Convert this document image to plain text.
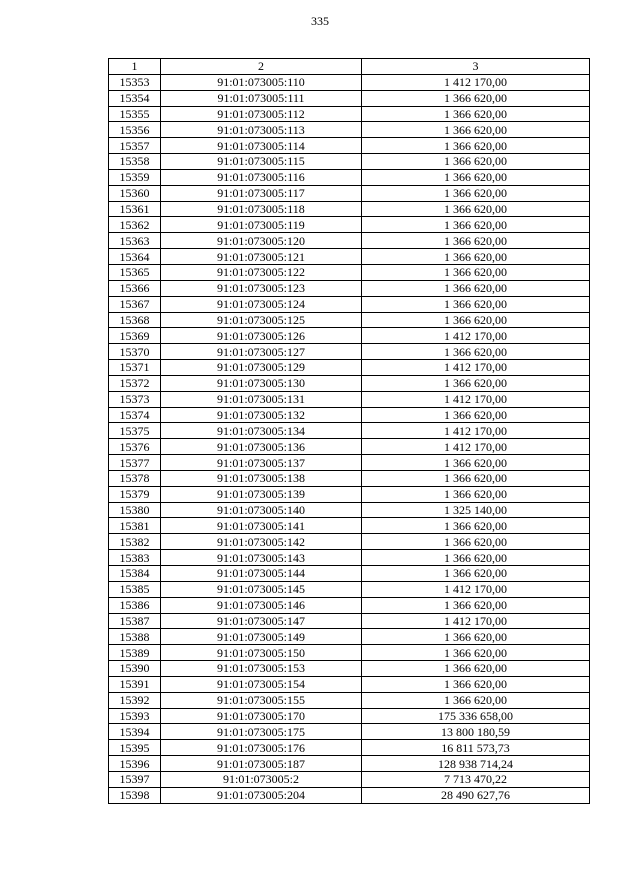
335
1	2	3
15353	91:01:073005:110	1 412 170,00
15354	91:01:073005:111	1 366 620,00
15355	91:01:073005:112	1 366 620,00
15356	91:01:073005:113	1 366 620,00
15357	91:01:073005:114	1 366 620,00
15358	91:01:073005:115	1 366 620,00
15359	91:01:073005:116	1 366 620,00
15360	91:01:073005:117	1 366 620,00
15361	91:01:073005:118	1 366 620,00
15362	91:01:073005:119	1 366 620,00
15363	91:01:073005:120	1 366 620,00
15364	91:01:073005:121	1 366 620,00
15365	91:01:073005:122	1 366 620,00
15366	91:01:073005:123	1 366 620,00
15367	91:01:073005:124	1 366 620,00
15368	91:01:073005:125	1 366 620,00
15369	91:01:073005:126	1 412 170,00
15370	91:01:073005:127	1 366 620,00
15371	91:01:073005:129	1 412 170,00
15372	91:01:073005:130	1 366 620,00
15373	91:01:073005:131	1 412 170,00
15374	91:01:073005:132	1 366 620,00
15375	91:01:073005:134	1 412 170,00
15376	91:01:073005:136	1 412 170,00
15377	91:01:073005:137	1 366 620,00
15378	91:01:073005:138	1 366 620,00
15379	91:01:073005:139	1 366 620,00
15380	91:01:073005:140	1 325 140,00
15381	91:01:073005:141	1 366 620,00
15382	91:01:073005:142	1 366 620,00
15383	91:01:073005:143	1 366 620,00
15384	91:01:073005:144	1 366 620,00
15385	91:01:073005:145	1 412 170,00
15386	91:01:073005:146	1 366 620,00
15387	91:01:073005:147	1 412 170,00
15388	91:01:073005:149	1 366 620,00
15389	91:01:073005:150	1 366 620,00
15390	91:01:073005:153	1 366 620,00
15391	91:01:073005:154	1 366 620,00
15392	91:01:073005:155	1 366 620,00
15393	91:01:073005:170	175 336 658,00
15394	91:01:073005:175	13 800 180,59
15395	91:01:073005:176	16 811 573,73
15396	91:01:073005:187	128 938 714,24
15397	91:01:073005:2	7 713 470,22
15398	91:01:073005:204	28 490 627,76
